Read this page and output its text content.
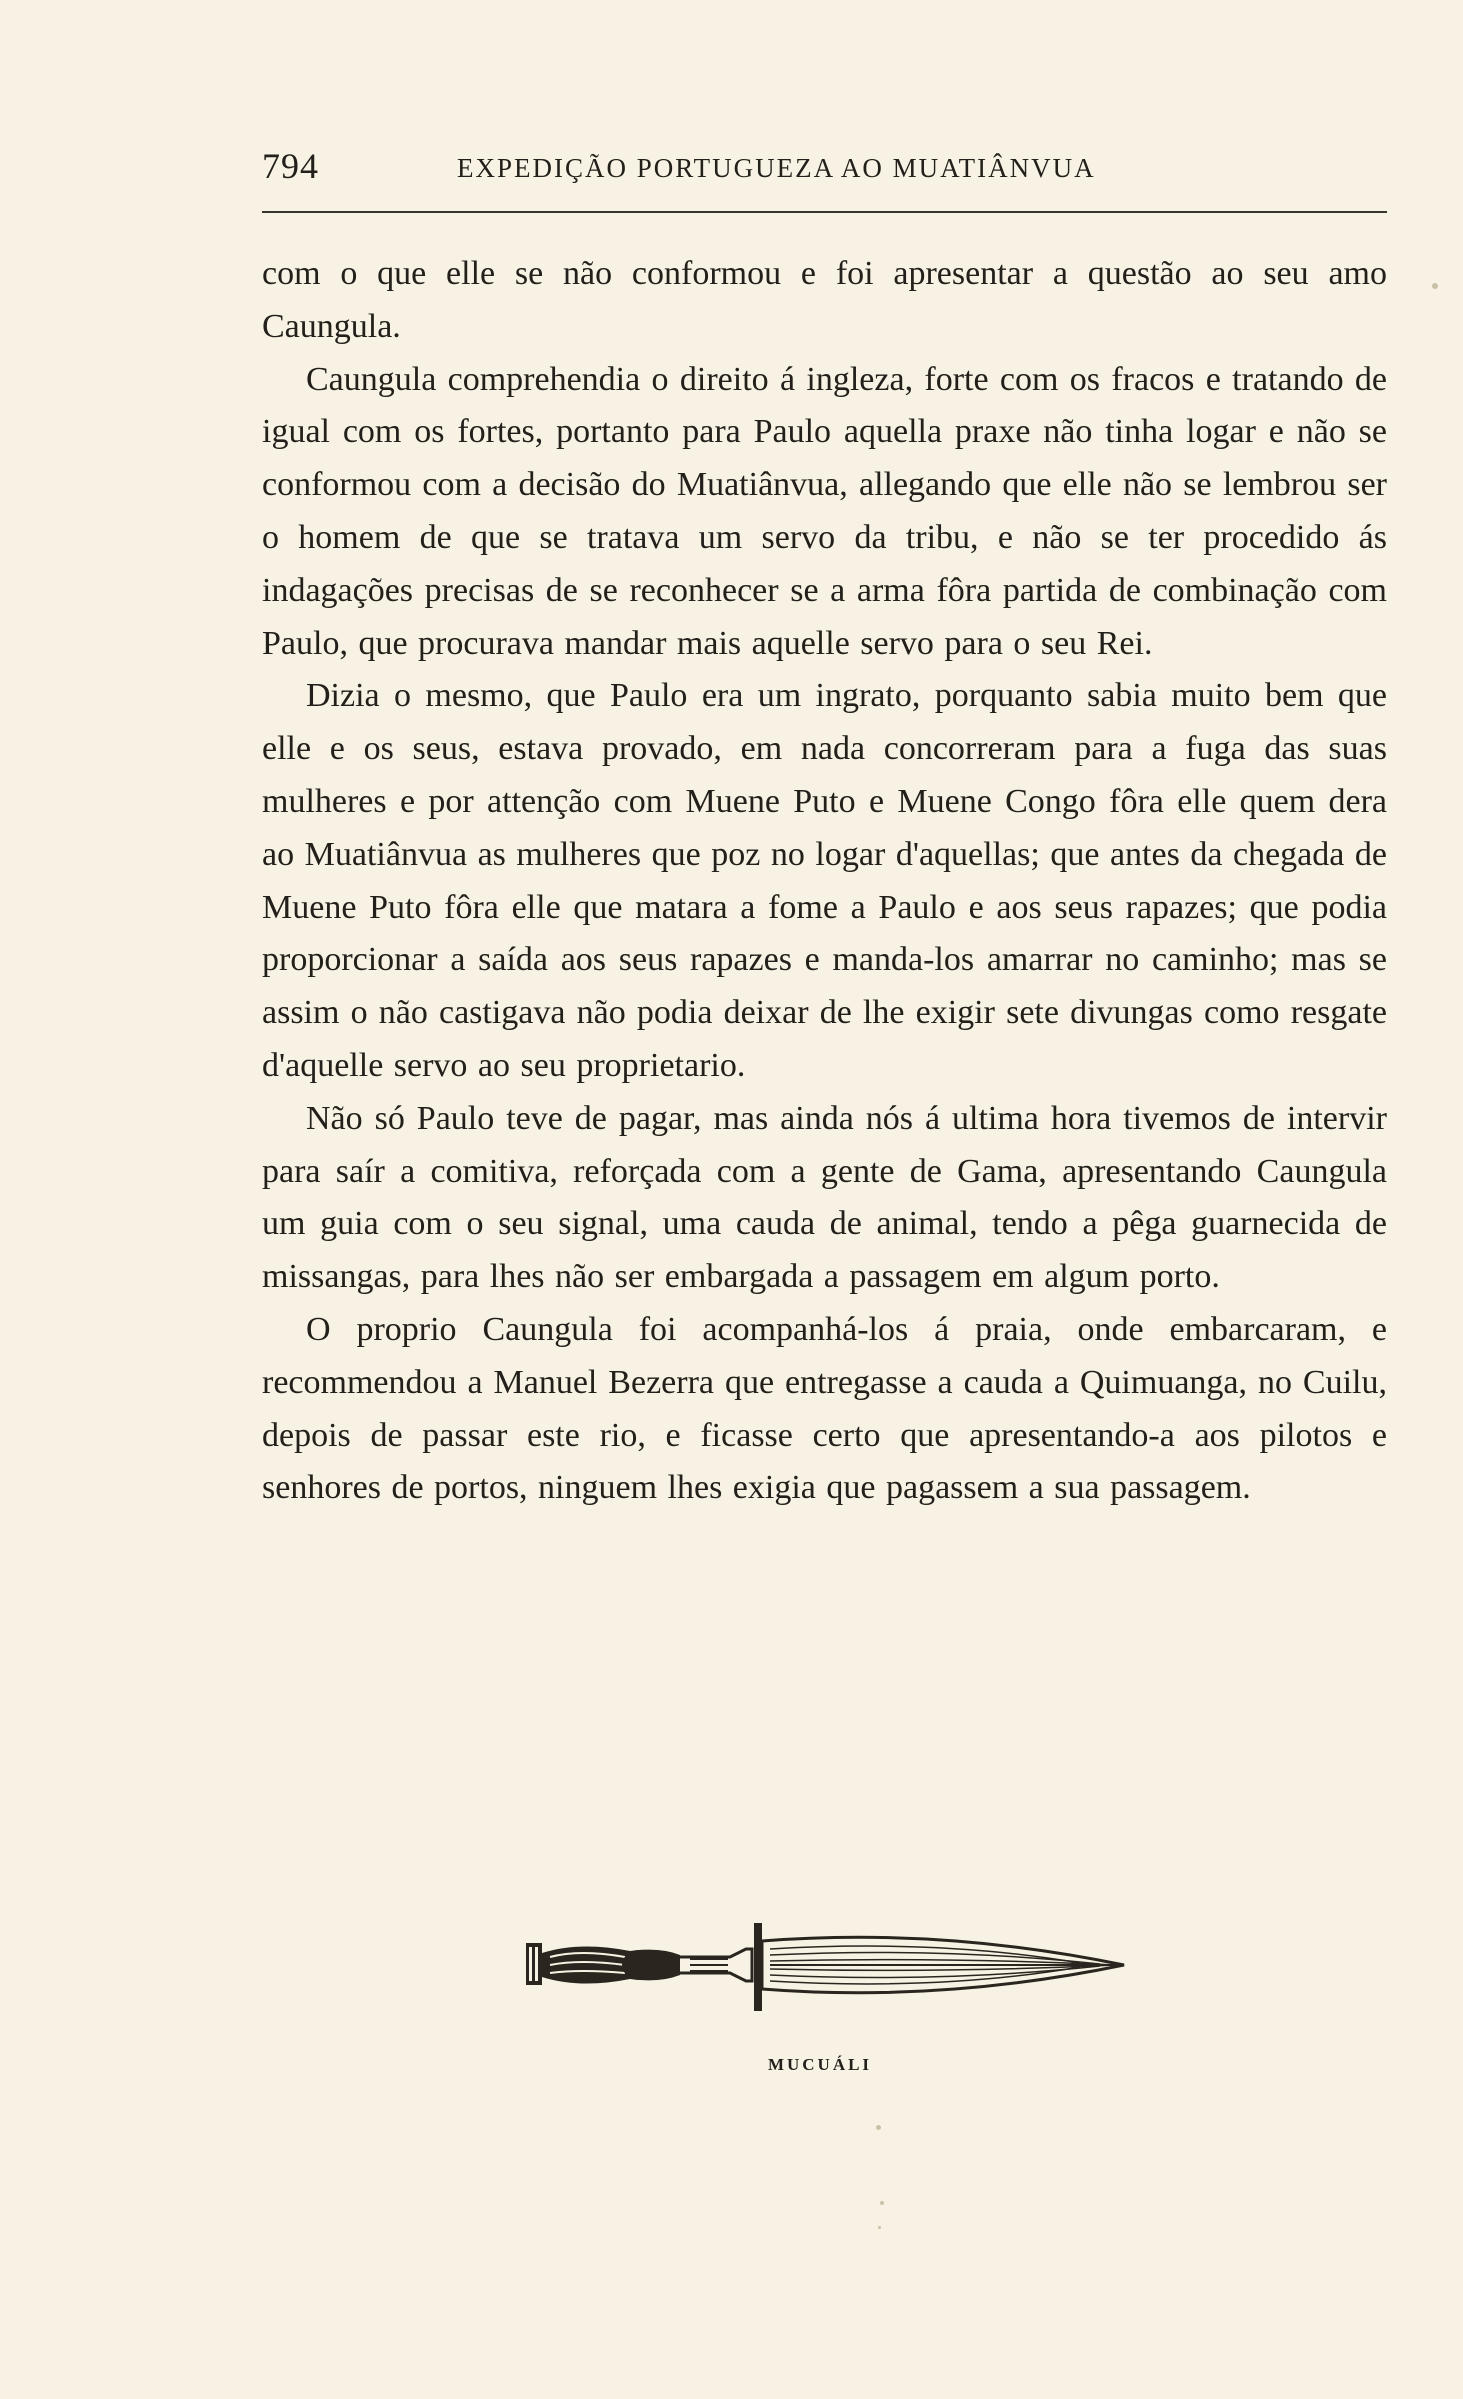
794	EXPEDIÇÃO PORTUGUEZA AO MUATIÂNVUA

com o que elle se não conformou e foi apresentar a questão ao seu amo Caungula.

Caungula comprehendia o direito á ingleza, forte com os fracos e tratando de igual com os fortes, portanto para Paulo aquella praxe não tinha logar e não se conformou com a decisão do Muatiânvua, allegando que elle não se lembrou ser o homem de que se tratava um servo da tribu, e não se ter procedido ás indagações precisas de se reconhecer se a arma fôra partida de combinação com Paulo, que procurava mandar mais aquelle servo para o seu Rei.

Dizia o mesmo, que Paulo era um ingrato, porquanto sabia muito bem que elle e os seus, estava provado, em nada concorreram para a fuga das suas mulheres e por attenção com Muene Puto e Muene Congo fôra elle quem dera ao Muatiânvua as mulheres que poz no logar d'aquellas; que antes da chegada de Muene Puto fôra elle que matara a fome a Paulo e aos seus rapazes; que podia proporcionar a saída aos seus rapazes e manda-los amarrar no caminho; mas se assim o não castigava não podia deixar de lhe exigir sete divungas como resgate d'aquelle servo ao seu proprietario.

Não só Paulo teve de pagar, mas ainda nós á ultima hora tivemos de intervir para saír a comitiva, reforçada com a gente de Gama, apresentando Caungula um guia com o seu signal, uma cauda de animal, tendo a pêga guarnecida de missangas, para lhes não ser embargada a passagem em algum porto.

O proprio Caungula foi acompanhá-los á praia, onde embarcaram, e recommendou a Manuel Bezerra que entregasse a cauda a Quimuanga, no Cuilu, depois de passar este rio, e ficasse certo que apresentando-a aos pilotos e senhores de portos, ninguem lhes exigia que pagassem a sua passagem.

MUCUÁLI
